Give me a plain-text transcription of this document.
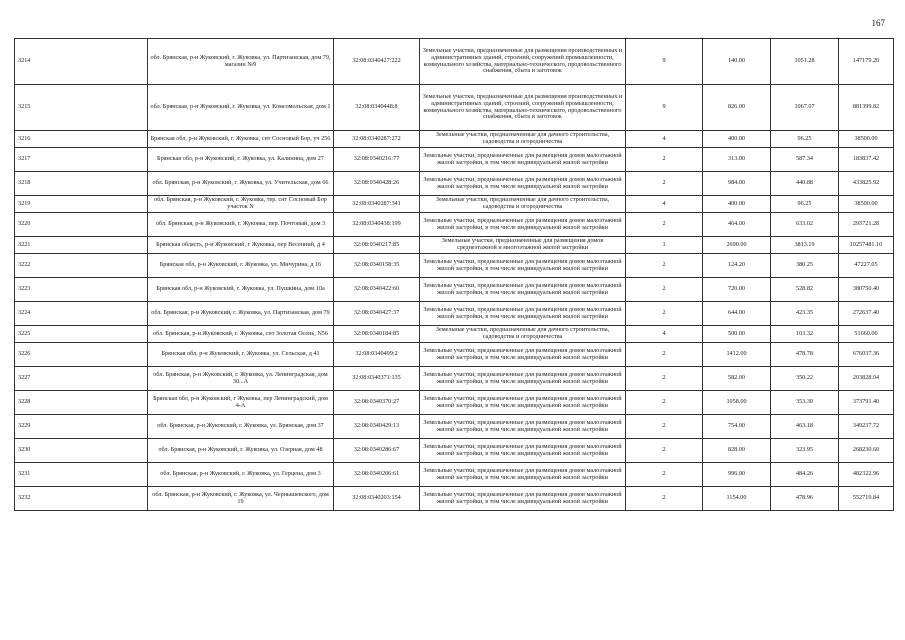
167
3214	обл. Брянская, р-н Жуковский, г. Жуковка, ул. Партизанская, дом 79, магазин №9	32:08:0340427:222	Земельные участки, предназначенные для размещения производственных и административных зданий, строений, сооружений промышленности, коммунального хозяйства, материально-технического, продовольственного снабжения, сбыта и заготовок	9	140.00	1051.28	147179.20
3215	обл. Брянская, р-н Жуковский, г. Жуковка, ул. Комсомольская, дом 1	32:08:0340448:8	Земельные участки, предназначенные для размещения производственных и административных зданий, строений, сооружений промышленности, коммунального хозяйства, материально-технического, продовольственного снабжения, сбыта и заготовок	9	826.00	1067.07	881399.82
3216	Брянская обл, р-н Жуковский, г. Жуковка, снт Сосновый Бор, уч 256	32:08:0340287:272	Земельные участки, предназначенные для дачного строительства, садоводства и огородничества	4	400.00	96.25	38500.00
3217	Брянская обл, р-н Жуковский, г. Жуковка, ул. Калинина, дом 27	32:08:0340216:77	Земельные участки, предназначенные для размещения домов малоэтажной жилой застройки, в том числе индивидуальной жилой застройки	2	313.00	587.34	183837.42
3218	обл. Брянская, р-н Жуковский, г. Жуковка, ул. Учительская, дом 66	32:08:0340428:26	Земельные участки, предназначенные для размещения домов малоэтажной жилой застройки, в том числе индивидуальной жилой застройки	2	984.00	440.88	433825.92
3219	обл. Брянская, р-н Жуковский, г. Жуковка, тер. снт Сосновый Бор участок N	32:08:0340287:341	Земельные участки, предназначенные для дачного строительства, садоводства и огородничества	4	400.00	96.25	38500.00
3220	обл. Брянская, р-н Жуковский, г. Жуковка, пер. Почтовый, дом 3	32:08:0340438:199	Земельные участки, предназначенные для размещения домов малоэтажной жилой застройки, в том числе индивидуальной жилой застройки	2	464.00	633.02	293721.28
3221	Брянская область, р-н Жуковский, г Жуковка, пер Весенний, д 4	32:08:0340217:85	Земельные участки, предназначенные для размещения домов среднеэтажной и многоэтажной жилой застройки	1	2690.00	3813.19	10257481.10
3222	Брянская обл, р-н Жуковский, г. Жуковка, ул. Мичурина, д 16	32:08:0340158:35	Земельные участки, предназначенные для размещения домов малоэтажной жилой застройки, в том числе индивидуальной жилой застройки	2	124.20	380.25	47227.05
3223	Брянская обл, р-н Жуковский, г. Жуковка, ул. Пушкина, дом 10а	32:08:0340422:60	Земельные участки, предназначенные для размещения домов малоэтажной жилой застройки, в том числе индивидуальной жилой застройки	2	720.00	528.82	380750.40
3224	обл. Брянская, р-н Жуковский, г. Жуковка, ул. Партизанская, дом 79	32:08:0340427:37	Земельные участки, предназначенные для размещения домов малоэтажной жилой застройки, в том числе индивидуальной жилой застройки	2	644.00	423.35	272637.40
3225	обл. Брянская, р-н Жуковский, г. Жуковка, снт Золотая Осень, N56	32:08:0340184:85	Земельные участки, предназначенные для дачного строительства, садоводства и огородничества	4	500.00	103.32	51660.00
3226	Брянская обл, р-н Жуковский, г. Жуковка, ул. Сельская, д 41	32:08:0340499:2	Земельные участки, предназначенные для размещения домов малоэтажной жилой застройки, в том числе индивидуальной жилой застройки	2	1412.00	478.78	676037.36
3227	обл. Брянская, р-н Жуковский, г. Жуковка, ул. Ленинградская, дом 30...А	32:08:0340371:135	Земельные участки, предназначенные для размещения домов малоэтажной жилой застройки, в том числе индивидуальной жилой застройки	2	582.00	350.22	203828.04
3228	Брянская обл, р-н Жуковский, г Жуковка, пер Ленинградский, дом 4-А	32:08:0340370:27	Земельные участки, предназначенные для размещения домов малоэтажной жилой застройки, в том числе индивидуальной жилой застройки	2	1058.00	353.30	373791.40
3229	обл. Брянская, р-н Жуковский, г. Жуковка, ул. Брянская, дом 37	32:08:0340429:13	Земельные участки, предназначенные для размещения домов малоэтажной жилой застройки, в том числе индивидуальной жилой застройки	2	754.00	463.18	349237.72
3230	обл. Брянская, р-н Жуковский, г. Жуковка, ул. Озерная, дом 48	32:08:0340286:67	Земельные участки, предназначенные для размещения домов малоэтажной жилой застройки, в том числе индивидуальной жилой застройки	2	828.00	323.95	268230.60
3231	обл. Брянская, р-н Жуковский, г. Жуковка, ул. Герцена, дом 3	32:08:0340206:61	Земельные участки, предназначенные для размещения домов малоэтажной жилой застройки, в том числе индивидуальной жилой застройки	2	996.00	484.26	482322.96
3232	обл. Брянская, р-н Жуковский, г. Жуковка, ул. Чернышевского, дом 19	32:08:0340203:154	Земельные участки, предназначенные для размещения домов малоэтажной жилой застройки, в том числе индивидуальной жилой застройки	2	1154.00	478.96	552719.84
